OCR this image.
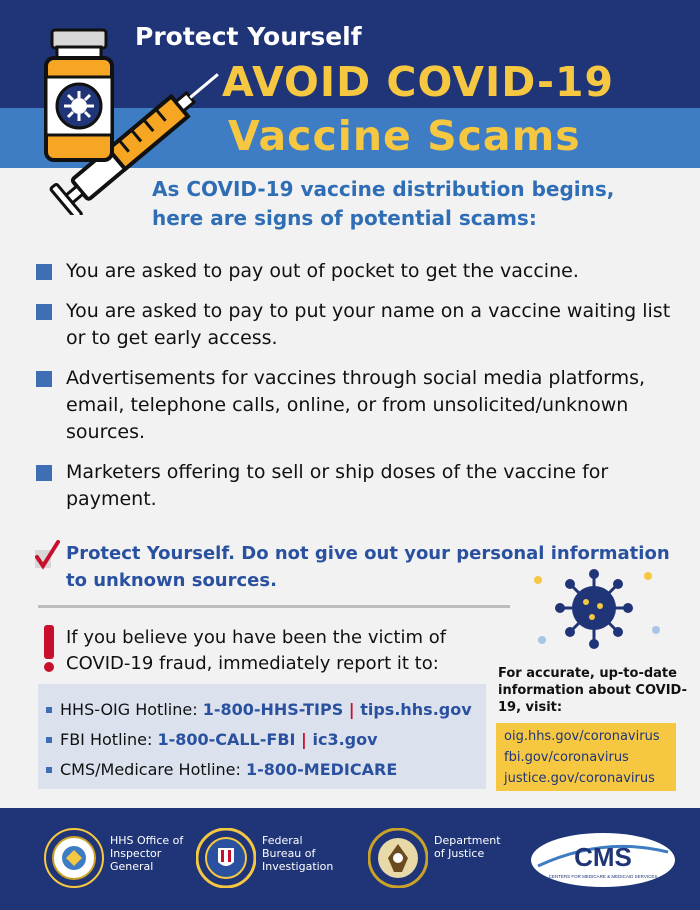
Protect Yourself
AVOID COVID-19
Vaccine Scams
As COVID-19 vaccine distribution begins, here are signs of potential scams:
You are asked to pay out of pocket to get the vaccine.
You are asked to pay to put your name on a vaccine waiting list or to get early access.
Advertisements for vaccines through social media platforms, email, telephone calls, online, or from unsolicited/unknown sources.
Marketers offering to sell or ship doses of the vaccine for payment.
Protect Yourself. Do not give out your personal information to unknown sources.
If you believe you have been the victim of COVID-19 fraud, immediately report it to:
HHS-OIG Hotline: 1-800-HHS-TIPS | tips.hhs.gov
FBI Hotline: 1-800-CALL-FBI | ic3.gov
CMS/Medicare Hotline: 1-800-MEDICARE
For accurate, up-to-date information about COVID-19, visit:
oig.hhs.gov/coronavirus
fbi.gov/coronavirus
justice.gov/coronavirus
HHS Office of Inspector General
Federal Bureau of Investigation
Department of Justice	CMS
CENTERS FOR MEDICARE & MEDICAID SERVICES
